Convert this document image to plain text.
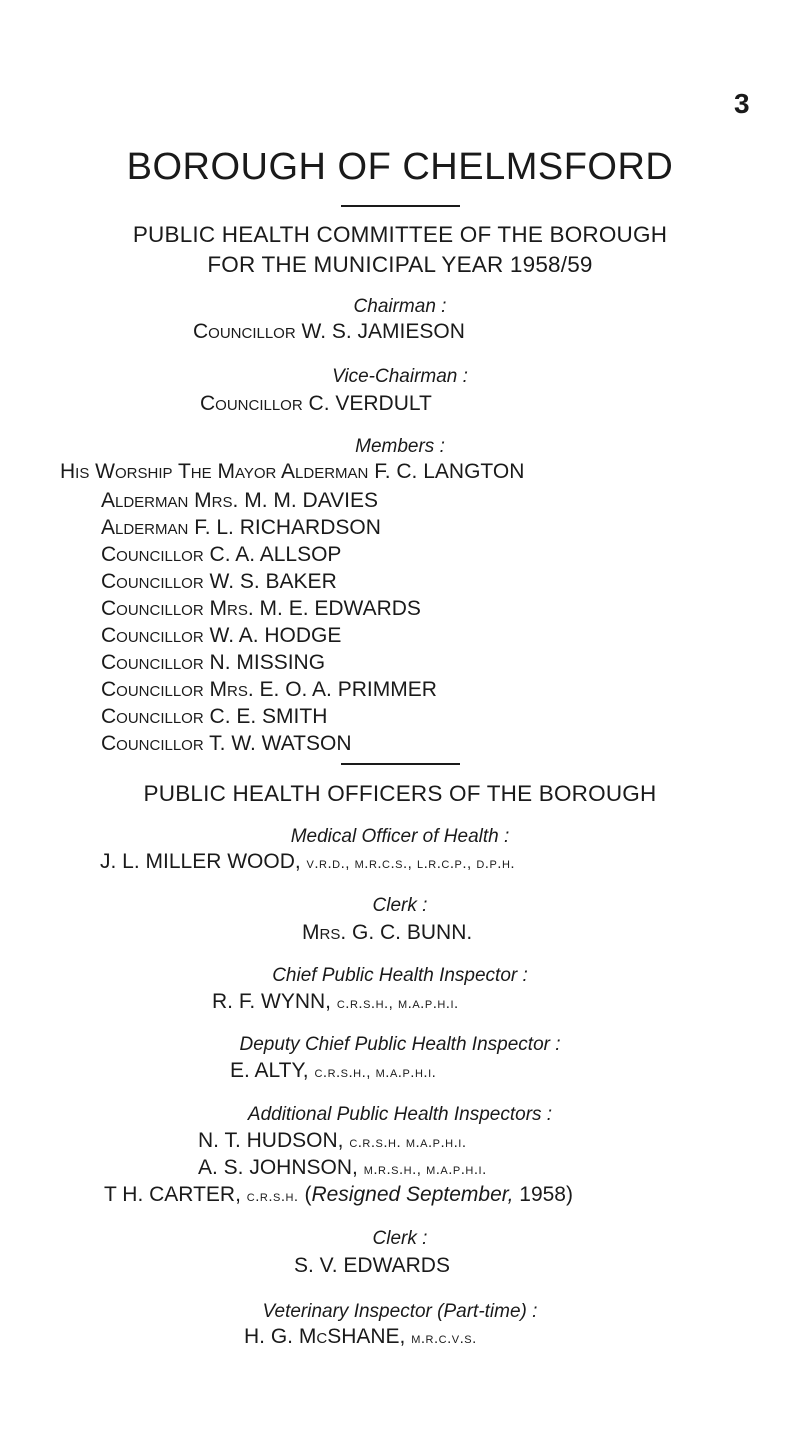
3
BOROUGH OF CHELMSFORD
PUBLIC HEALTH COMMITTEE OF THE BOROUGH
FOR THE MUNICIPAL YEAR 1958/59
Chairman :
Councillor W. S. JAMIESON
Vice-Chairman :
Councillor C. VERDULT
Members :
His Worship The Mayor Alderman F. C. LANGTON
Alderman Mrs. M. M. DAVIES
Alderman F. L. RICHARDSON
Councillor C. A. ALLSOP
Councillor W. S. BAKER
Councillor Mrs. M. E. EDWARDS
Councillor W. A. HODGE
Councillor N. MISSING
Councillor Mrs. E. O. A. PRIMMER
Councillor C. E. SMITH
Councillor T. W. WATSON
PUBLIC HEALTH OFFICERS OF THE BOROUGH
Medical Officer of Health :
J. L. MILLER WOOD, v.r.d., m.r.c.s., l.r.c.p., d.p.h.
Clerk :
Mrs. G. C. BUNN.
Chief Public Health Inspector :
R. F. WYNN, c.r.s.h., m.a.p.h.i.
Deputy Chief Public Health Inspector :
E. ALTY, c.r.s.h., m.a.p.h.i.
Additional Public Health Inspectors :
N. T. HUDSON, c.r.s.h. m.a.p.h.i.
A. S. JOHNSON, m.r.s.h., m.a.p.h.i.
T H. CARTER, c.r.s.h. (Resigned September, 1958)
Clerk :
S. V. EDWARDS
Veterinary Inspector (Part-time) :
H. G. McSHANE, m.r.c.v.s.
